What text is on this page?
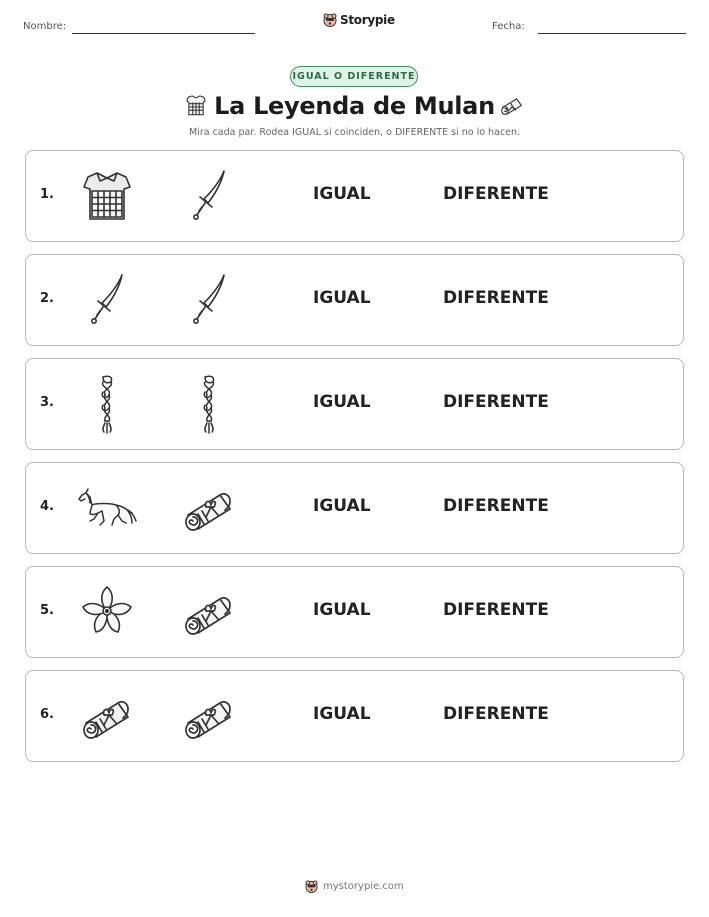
Nombre:	Storypie	Fecha:
IGUAL O DIFERENTE
La Leyenda de Mulan
Mira cada par. Rodea IGUAL si coinciden, o DIFERENTE si no lo hacen.
1.	IGUAL	DIFERENTE
2.	IGUAL	DIFERENTE
3.	IGUAL	DIFERENTE
4.	IGUAL	DIFERENTE
5.	IGUAL	DIFERENTE
6.	IGUAL	DIFERENTE
mystorypie.com
